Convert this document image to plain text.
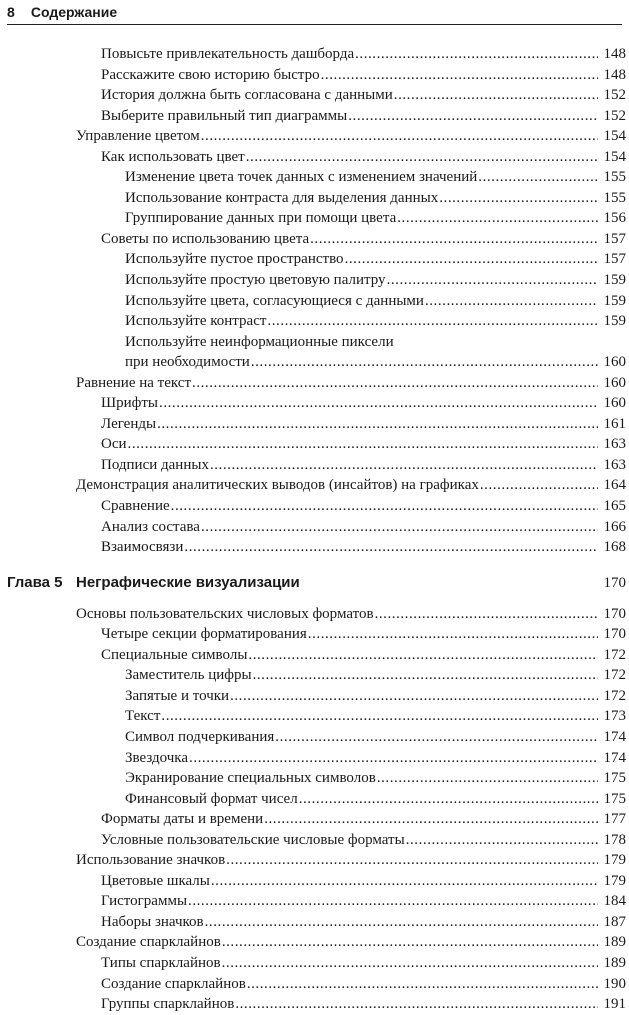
8 Содержание
Повысьте привлекательность дашборда . . .	148
Расскажите свою историю быстро . . .	148
История должна быть согласована с данными . . .	152
Выберите правильный тип диаграммы . . .	152
Управление цветом . . .	154
Как использовать цвет . . .	154
Изменение цвета точек данных с изменением значений . . .	155
Использование контраста для выделения данных . . .	155
Группирование данных при помощи цвета . . .	156
Советы по использованию цвета . . .	157
Используйте пустое пространство . . .	157
Используйте простую цветовую палитру . . .	159
Используйте цвета, согласующиеся с данными . . .	159
Используйте контраст . . .	159
Используйте неинформационные пиксели
при необходимости . . .	160
Равнение на текст . . .	160
Шрифты . . .	160
Легенды . . .	161
Оси . . .	163
Подписи данных . . .	163
Демонстрация аналитических выводов (инсайтов) на графиках . . .	164
Сравнение . . .	165
Анализ состава . . .	166
Взаимосвязи . . .	168
Глава 5 Неграфические визуализации	170
Основы пользовательских числовых форматов . . .	170
Четыре секции форматирования . . .	170
Специальные символы . . .	172
Заместитель цифры . . .	172
Запятые и точки . . .	172
Текст . . .	173
Символ подчеркивания . . .	174
Звездочка . . .	174
Экранирование специальных символов . . .	175
Финансовый формат чисел . . .	175
Форматы даты и времени . . .	177
Условные пользовательские числовые форматы . . .	178
Использование значков . . .	179
Цветовые шкалы . . .	179
Гистограммы . . .	184
Наборы значков . . .	187
Создание спарклайнов . . .	189
Типы спарклайнов . . .	189
Создание спарклайнов . . .	190
Группы спарклайнов . . .	191
